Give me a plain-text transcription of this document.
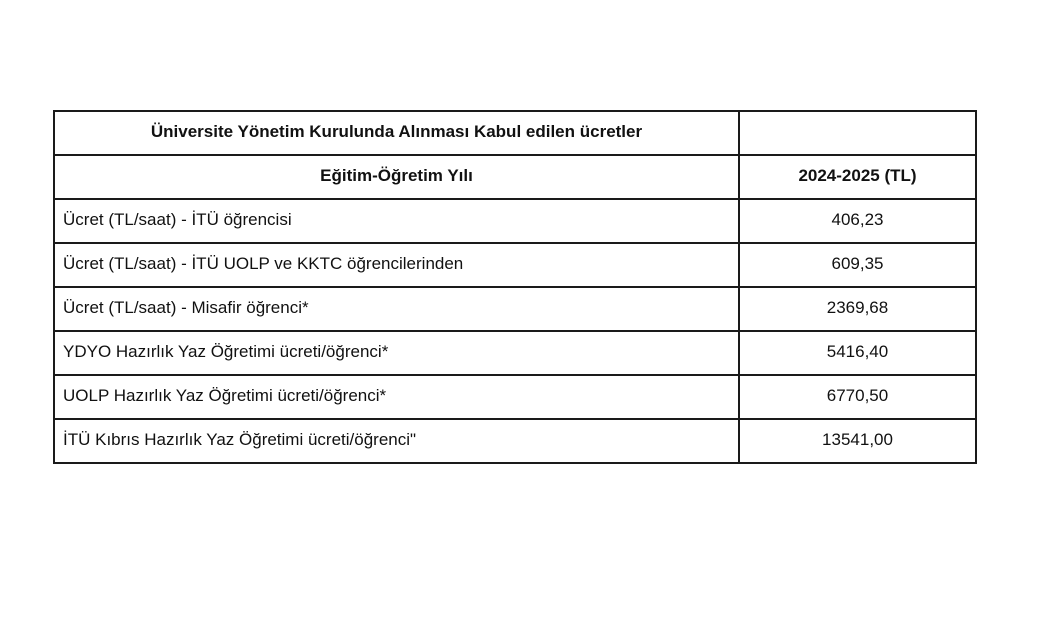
Üniversite Yönetim Kurulunda Alınması Kabul edilen ücretler	
Eğitim-Öğretim Yılı	2024-2025 (TL)
Ücret (TL/saat) - İTÜ öğrencisi	406,23
Ücret (TL/saat) - İTÜ UOLP ve KKTC öğrencilerinden	609,35
Ücret (TL/saat) - Misafir öğrenci*	2369,68
YDYO Hazırlık Yaz Öğretimi ücreti/öğrenci*	5416,40
UOLP Hazırlık Yaz Öğretimi ücreti/öğrenci*	6770,50
İTÜ Kıbrıs Hazırlık Yaz Öğretimi ücreti/öğrenci"	13541,00
